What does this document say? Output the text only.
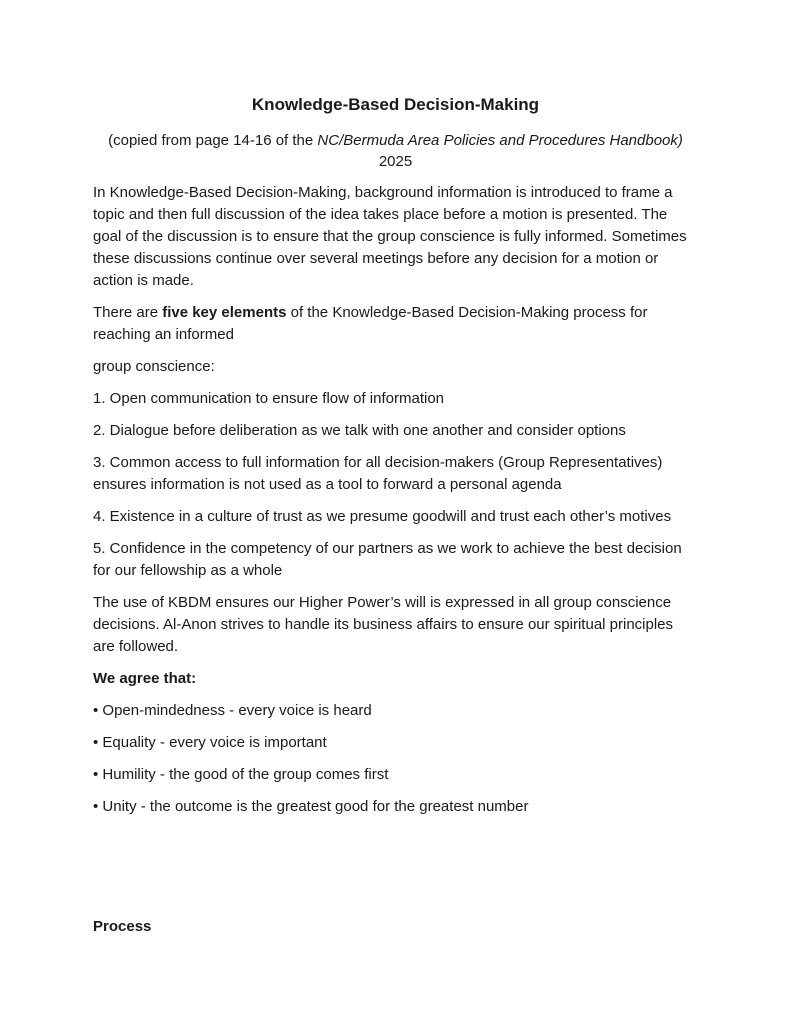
Knowledge-Based Decision-Making

(copied from page 14-16 of the NC/Bermuda Area Policies and Procedures Handbook)
2025

In Knowledge-Based Decision-Making, background information is introduced to frame a topic and then full discussion of the idea takes place before a motion is presented. The goal of the discussion is to ensure that the group conscience is fully informed. Sometimes these discussions continue over several meetings before any decision for a motion or action is made.

There are five key elements of the Knowledge-Based Decision-Making process for reaching an informed

group conscience:

1. Open communication to ensure flow of information

2. Dialogue before deliberation as we talk with one another and consider options

3. Common access to full information for all decision-makers (Group Representatives) ensures information is not used as a tool to forward a personal agenda

4. Existence in a culture of trust as we presume goodwill and trust each other’s motives

5. Confidence in the competency of our partners as we work to achieve the best decision for our fellowship as a whole

The use of KBDM ensures our Higher Power’s will is expressed in all group conscience decisions. Al-Anon strives to handle its business affairs to ensure our spiritual principles are followed.

We agree that:

• Open-mindedness - every voice is heard

• Equality - every voice is important

• Humility - the good of the group comes first

• Unity - the outcome is the greatest good for the greatest number

Process
